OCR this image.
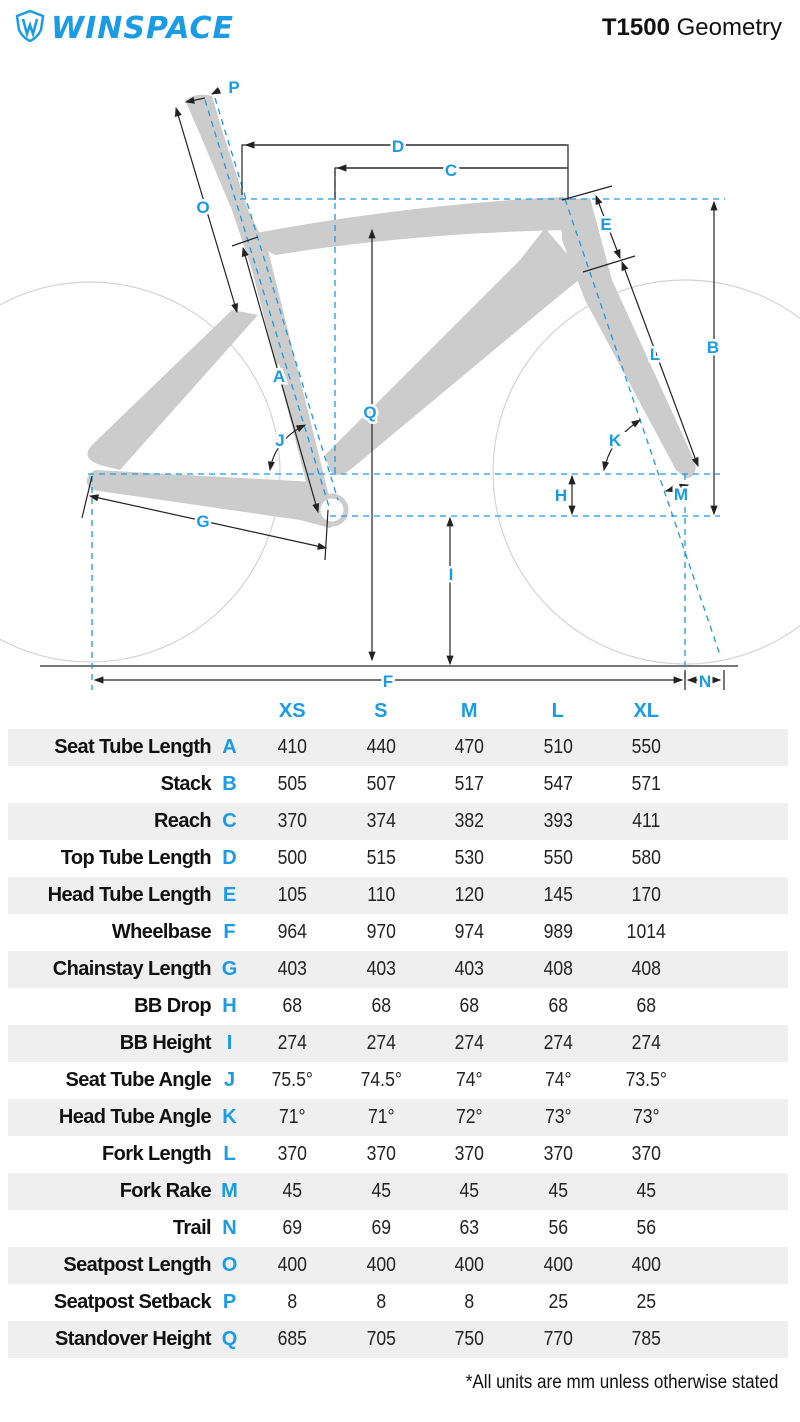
WINSPACE	T1500 Geometry
P
D
C
O
E
B
L
A
Q
J	K
H	M
G
I
F	N
XS	S	M	L	XL
Seat Tube Length A	410	440	470	510	550
Stack B	505	507	517	547	571
Reach C	370	374	382	393	411
Top Tube Length D	500	515	530	550	580
Head Tube Length E	105	110	120	145	170
Wheelbase F	964	970	974	989	1014
Chainstay Length G	403	403	403	408	408
BB Drop H	68	68	68	68	68
BB Height I	274	274	274	274	274
Seat Tube Angle J	75.5°	74.5°	74°	74°	73.5°
Head Tube Angle K	71°	71°	72°	73°	73°
Fork Length L	370	370	370	370	370
Fork Rake M	45	45	45	45	45
Trail N	69	69	63	56	56
Seatpost Length O	400	400	400	400	400
Seatpost Setback P	8	8	8	25	25
Standover Height Q	685	705	750	770	785
*All units are mm unless otherwise stated
